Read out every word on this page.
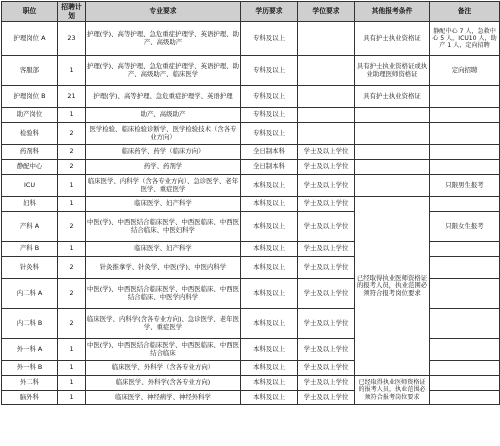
职位	招聘计划	专业要求	学历要求	学位要求	其他报考条件	备注
护理岗位 A	23	护理(学)、高等护理、急危重症护理学、英语护理、助产、高级助产	专科及以上		具有护士执业资格证	静配中心 7 人，急救中心 5 人，ICU10 人，助产 1 人，定向招聘
客服部	1	护理(学)、高等护理、急危重症护理学、英语护理、助产、高级助产、临床医学	专科及以上		具有护士执业资格证或执业助理医师资格证	定向招聘
护理岗位 B	21	护理(学)、高等护理、急危重症护理学、英语护理	专科及以上		具有护士执业资格证	
助产岗位	1	助产、高级助产	专科及以上			
检验科	2	医学检验、临床检验诊断学、医学检验技术（含各专业方向）	专科及以上			
药剂科	2	临床药学、药学（临床方向）	全日制本科	学士及以上学位		
静配中心	2	药学、药剂学	全日制本科	学士及以上学位		
ICU	1	临床医学、内科学（含各专业方向）、急诊医学、老年医学、重症医学	本科及以上	学士及以上学位		只限男生报考
妇科	1	临床医学、妇产科学	本科及以上	学士及以上学位	已经取得执业医师资格证的报考人员，执业范围必须符合报考岗位要求	
产科 A	2	中医(学)、中西医结合临床医学、中西医临床、中西医结合临床、中医妇科学	本科及以上	学士及以上学位		只限女生报考
产科 B	1	临床医学、妇产科学	本科及以上	学士及以上学位		
针灸科	2	针灸推拿学、针灸学、中医(学)、中医内科学	本科及以上	学士及以上学位		
内二科 A	2	中医(学)、中西医结合临床医学、中西医临床、中西医结合临床、中医学内科学	本科及以上	学士及以上学位		
内二科 B	2	临床医学、内科学(含各专业方向)、急诊医学、老年医学、重症医学	本科及以上	学士及以上学位		
外一科 A	1	中医(学)、中西医结合临床医学、中西医临床、中西医结合临床	本科及以上	学士及以上学位		
外一科 B	1	临床医学、外科学（含各专业方向）	本科及以上	学士及以上学位		
外二科	1	临床医学、外科学(含各专业方向)	本科及以上	学士及以上学位	已经取得执业医师资格证的报考人员，执业范围必须符合报考岗位要求	
脑外科	1	临床医学、神经病学、神经外科学	本科及以上	学士及以上学位		
